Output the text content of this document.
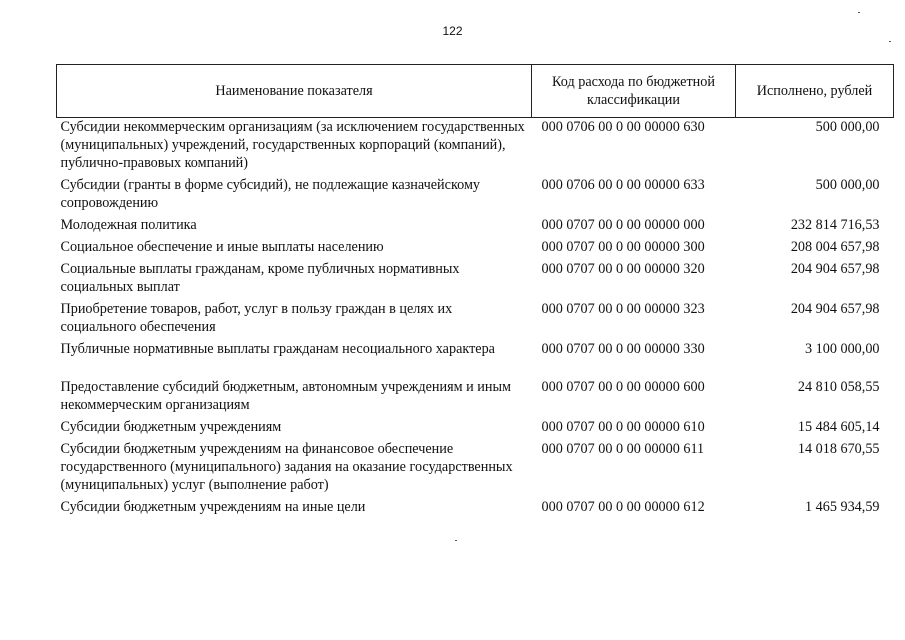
122
Наименование показателя	Код расхода по бюджетной классификации	Исполнено, рублей
Субсидии некоммерческим организациям (за исключением государственных (муниципальных) учреждений, государственных корпораций (компаний), публично-правовых компаний)	000 0706 00 0 00 00000 630	500 000,00
Субсидии (гранты в форме субсидий), не подлежащие казначейскому сопровождению	000 0706 00 0 00 00000 633	500 000,00
Молодежная политика	000 0707 00 0 00 00000 000	232 814 716,53
Социальное обеспечение и иные выплаты населению	000 0707 00 0 00 00000 300	208 004 657,98
Социальные выплаты гражданам, кроме публичных нормативных социальных выплат	000 0707 00 0 00 00000 320	204 904 657,98
Приобретение товаров, работ, услуг в пользу граждан в целях их социального обеспечения	000 0707 00 0 00 00000 323	204 904 657,98
Публичные нормативные выплаты гражданам несоциального характера	000 0707 00 0 00 00000 330	3 100 000,00
Предоставление субсидий бюджетным, автономным учреждениям и иным некоммерческим организациям	000 0707 00 0 00 00000 600	24 810 058,55
Субсидии бюджетным учреждениям	000 0707 00 0 00 00000 610	15 484 605,14
Субсидии бюджетным учреждениям на финансовое обеспечение государственного (муниципального) задания на оказание государственных (муниципальных) услуг (выполнение работ)	000 0707 00 0 00 00000 611	14 018 670,55
Субсидии бюджетным учреждениям на иные цели	000 0707 00 0 00 00000 612	1 465 934,59
